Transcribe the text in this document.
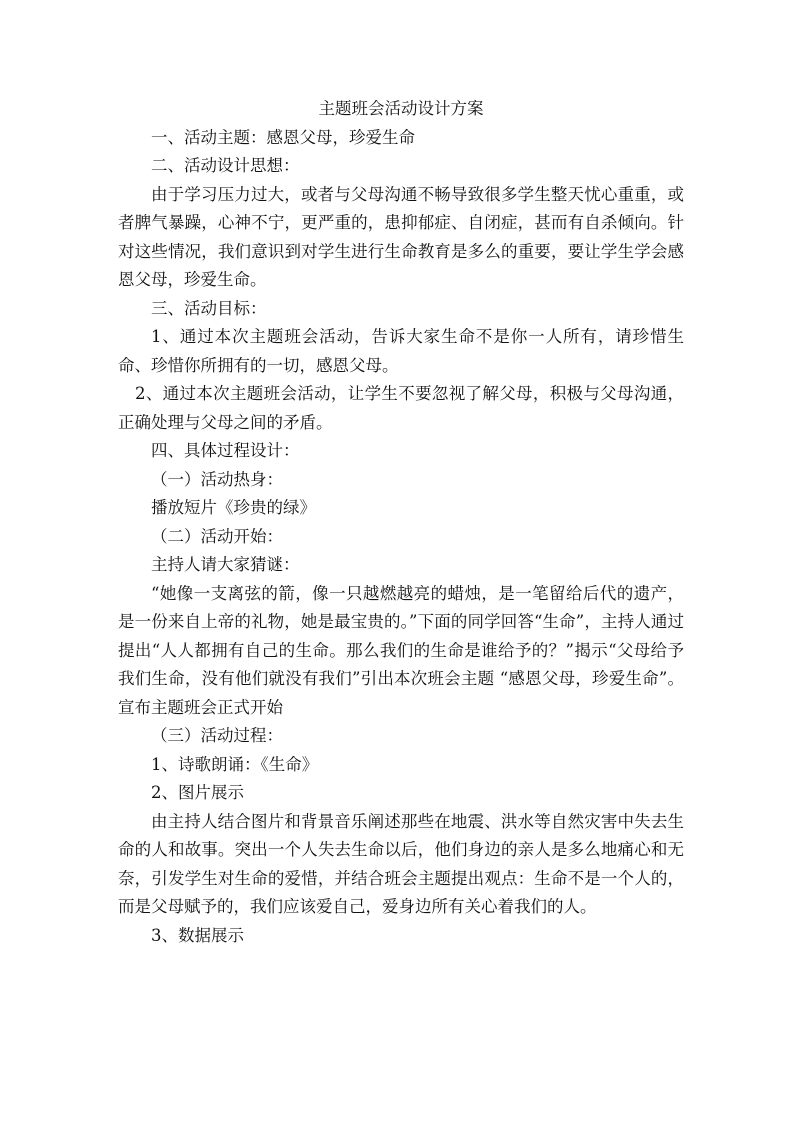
主题班会活动设计方案

一、活动主题：感恩父母，珍爱生命

二、活动设计思想：

由于学习压力过大，或者与父母沟通不畅导致很多学生整天忧心重重，或者脾气暴躁，心神不宁，更严重的，患抑郁症、自闭症，甚而有自杀倾向。针对这些情况，我们意识到对学生进行生命教育是多么的重要，要让学生学会感恩父母，珍爱生命。

三、活动目标：

1、通过本次主题班会活动，告诉大家生命不是你一人所有，请珍惜生命、珍惜你所拥有的一切，感恩父母。

2、通过本次主题班会活动，让学生不要忽视了解父母，积极与父母沟通，正确处理与父母之间的矛盾。

四、具体过程设计：

（一）活动热身：

播放短片《珍贵的绿》

（二）活动开始：

主持人请大家猜谜：

“她像一支离弦的箭，像一只越燃越亮的蜡烛，是一笔留给后代的遗产，是一份来自上帝的礼物，她是最宝贵的。”下面的同学回答“生命”，主持人通过提出“人人都拥有自己的生命。那么我们的生命是谁给予的？”揭示“父母给予我们生命，没有他们就没有我们”引出本次班会主题 “感恩父母，珍爱生命”。宣布主题班会正式开始

（三）活动过程：

1、诗歌朗诵：《生命》

2、图片展示

由主持人结合图片和背景音乐阐述那些在地震、洪水等自然灾害中失去生命的人和故事。突出一个人失去生命以后，他们身边的亲人是多么地痛心和无奈，引发学生对生命的爱惜，并结合班会主题提出观点：生命不是一个人的，而是父母赋予的，我们应该爱自己，爱身边所有关心着我们的人。

3、数据展示
